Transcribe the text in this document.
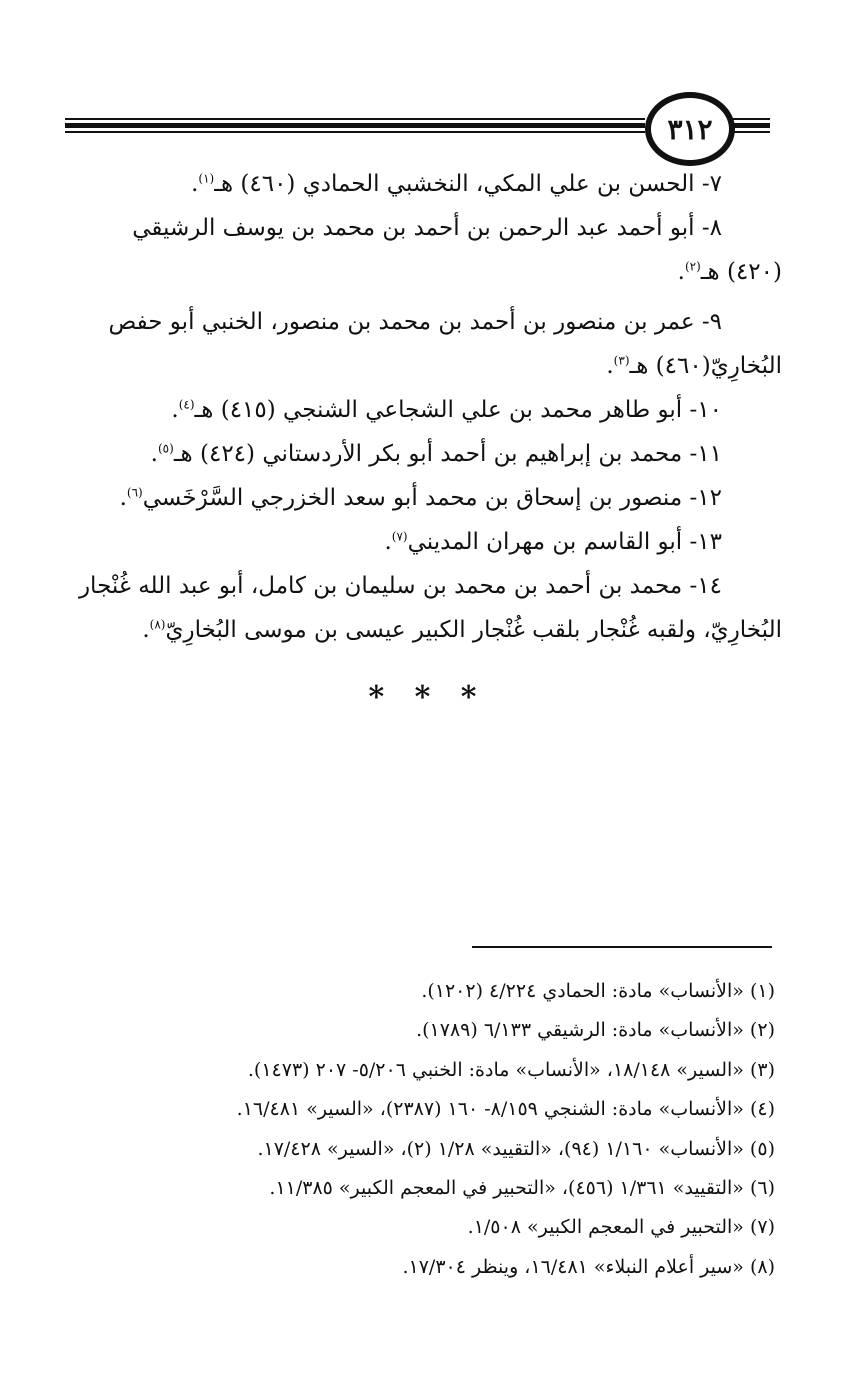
٣١٢

٧- الحسن بن علي المكي، النخشبي الحمادي (٤٦٠) هـ$^{(١)}$.

٨- أبو أحمد عبد الرحمن بن أحمد بن محمد بن يوسف الرشيقي

(٤٢٠) هـ$^{(٢)}$.

٩- عمر بن منصور بن أحمد بن محمد بن منصور، الخنبي أبو حفص

البُخارِيّ(٤٦٠) هـ$^{(٣)}$.

١٠- أبو طاهر محمد بن علي الشجاعي الشنجي (٤١٥) هـ$^{(٤)}$.

١١- محمد بن إبراهيم بن أحمد أبو بكر الأردستاني (٤٢٤) هـ$^{(٥)}$.

١٢- منصور بن إسحاق بن محمد أبو سعد الخزرجي السَّرْخَسي$^{(٦)}$.

١٣- أبو القاسم بن مهران المديني$^{(٧)}$.

١٤- محمد بن أحمد بن محمد بن سليمان بن كامل، أبو عبد الله غُنْجار

البُخارِيّ، ولقبه غُنْجار بلقب غُنْجار الكبير عيسى بن موسى البُخارِيّ$^{(٨)}$.

* * *

(١) «الأنساب» مادة: الحمادي ٤/٢٢٤ (١٢٠٢).

(٢) «الأنساب» مادة: الرشيقي ٦/١٣٣ (١٧٨٩).

(٣) «السير» ١٨/١٤٨، «الأنساب» مادة: الخنبي ٥/٢٠٦- ٢٠٧ (١٤٧٣).

(٤) «الأنساب» مادة: الشنجي ٨/١٥٩- ١٦٠ (٢٣٨٧)، «السير» ١٦/٤٨١.

(٥) «الأنساب» ١/١٦٠ (٩٤)، «التقييد» ١/٢٨ (٢)، «السير» ١٧/٤٢٨.

(٦) «التقييد» ١/٣٦١ (٤٥٦)، «التحبير في المعجم الكبير» ١١/٣٨٥.

(٧) «التحبير في المعجم الكبير» ١/٥٠٨.

(٨) «سير أعلام النبلاء» ١٦/٤٨١، وينظر ١٧/٣٠٤.
